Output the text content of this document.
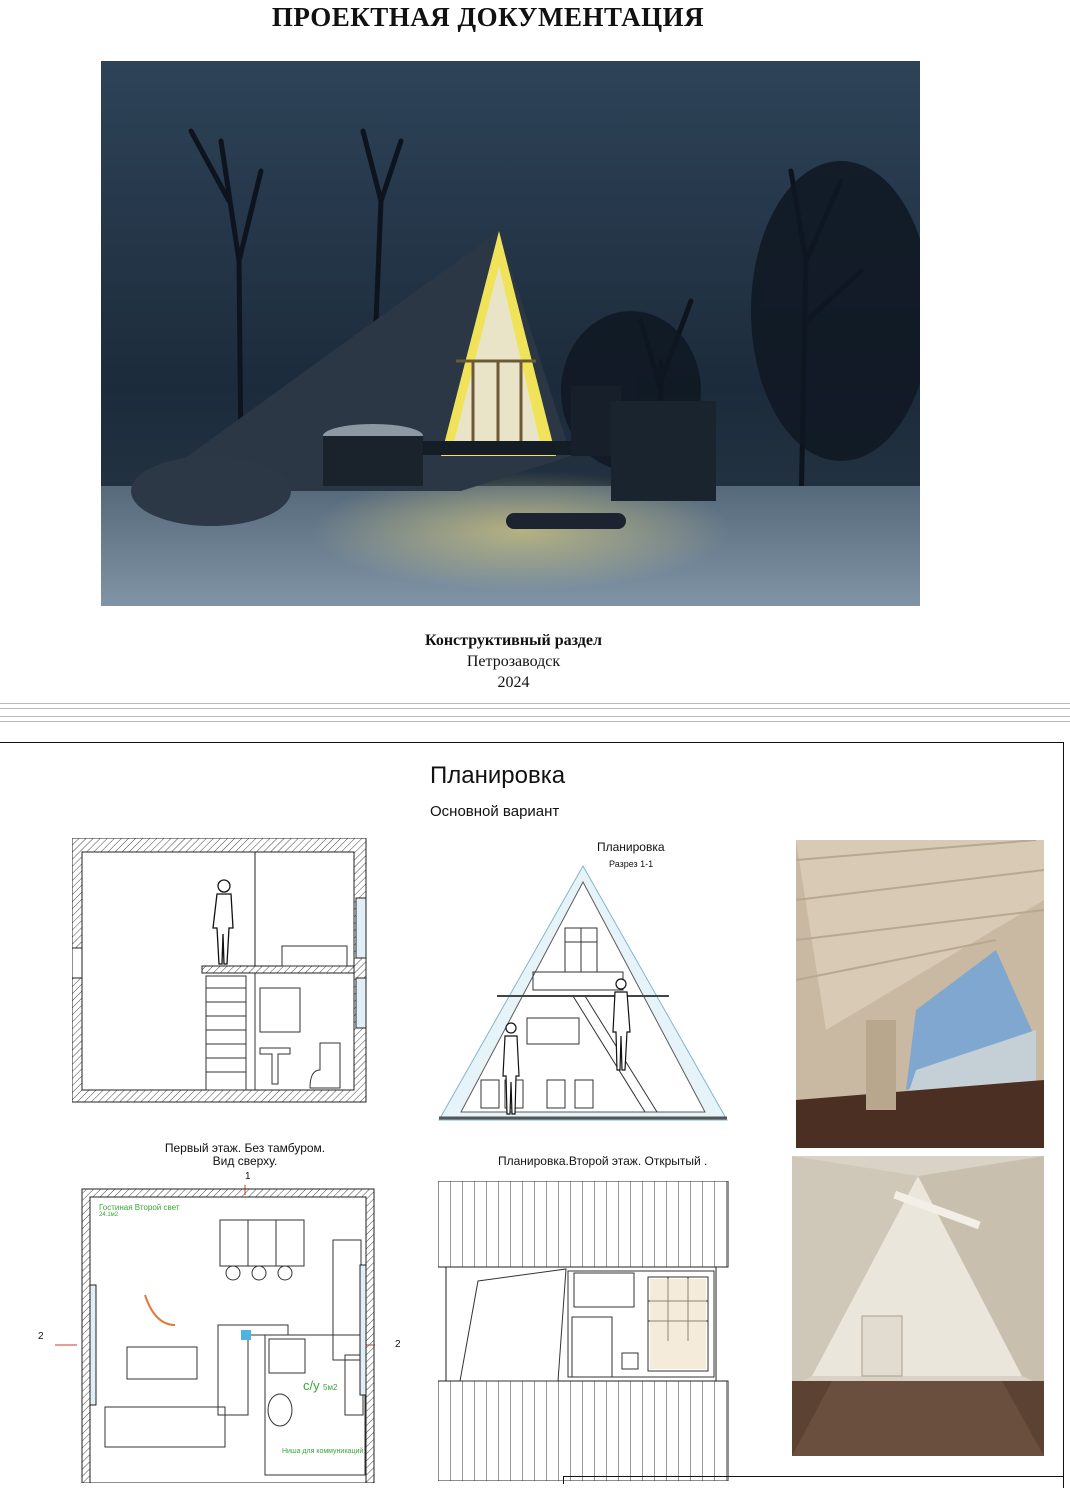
ПРОЕКТНАЯ ДОКУМЕНТАЦИЯ
Конструктивный раздел
Петрозаводск
2024
Планировка
Основной вариант
Планировка
Разрез 1-1
Первый этаж. Без тамбуром.
Вид сверху.
1
2
2
Гостиная Второй свет
24.1м2
с/у 5м2
Ниша для коммуникаций
Планировка.Второй этаж. Открытый .
